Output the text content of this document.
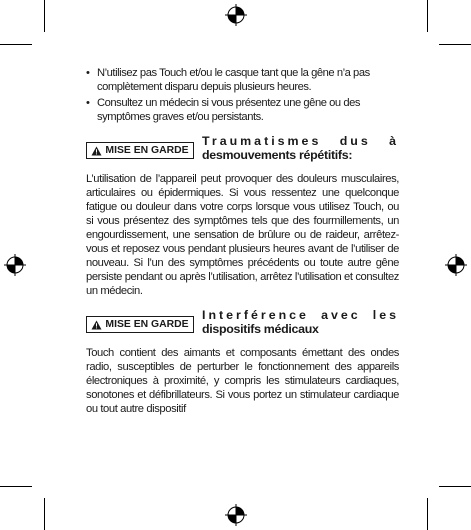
• N’utilisez pas Touch et/ou le casque tant que la gêne n’a pas complètement disparu depuis plusieurs heures.
• Consultez un médecin si vous présentez une gêne ou des symptômes graves et/ou persistants.
MISE EN GARDE
Traumatismes dus à
desmouvements répétitifs:

L’utilisation de l’appareil peut provoquer des douleurs musculaires, articulaires ou épidermiques. Si vous ressentez une quelconque fatigue ou douleur dans votre corps lorsque vous utilisez Touch, ou si vous présentez des symptômes tels que des fourmillements, un engourdissement, une sensation de brûlure ou de raideur, arrêtez-vous et reposez vous pendant plusieurs heures avant de l’utiliser de nouveau. Si l’un des symptômes précédents ou toute autre gêne persiste pendant ou après l’utilisation, arrêtez l’utilisation et consultez un médecin.

MISE EN GARDE
Interférence avec les
dispositifs médicaux

Touch contient des aimants et composants émettant des ondes radio, susceptibles de perturber le fonctionnement des appareils électroniques à proximité, y compris les stimulateurs cardiaques, sonotones et défibrillateurs. Si vous portez un stimulateur cardiaque ou tout autre dispositif
